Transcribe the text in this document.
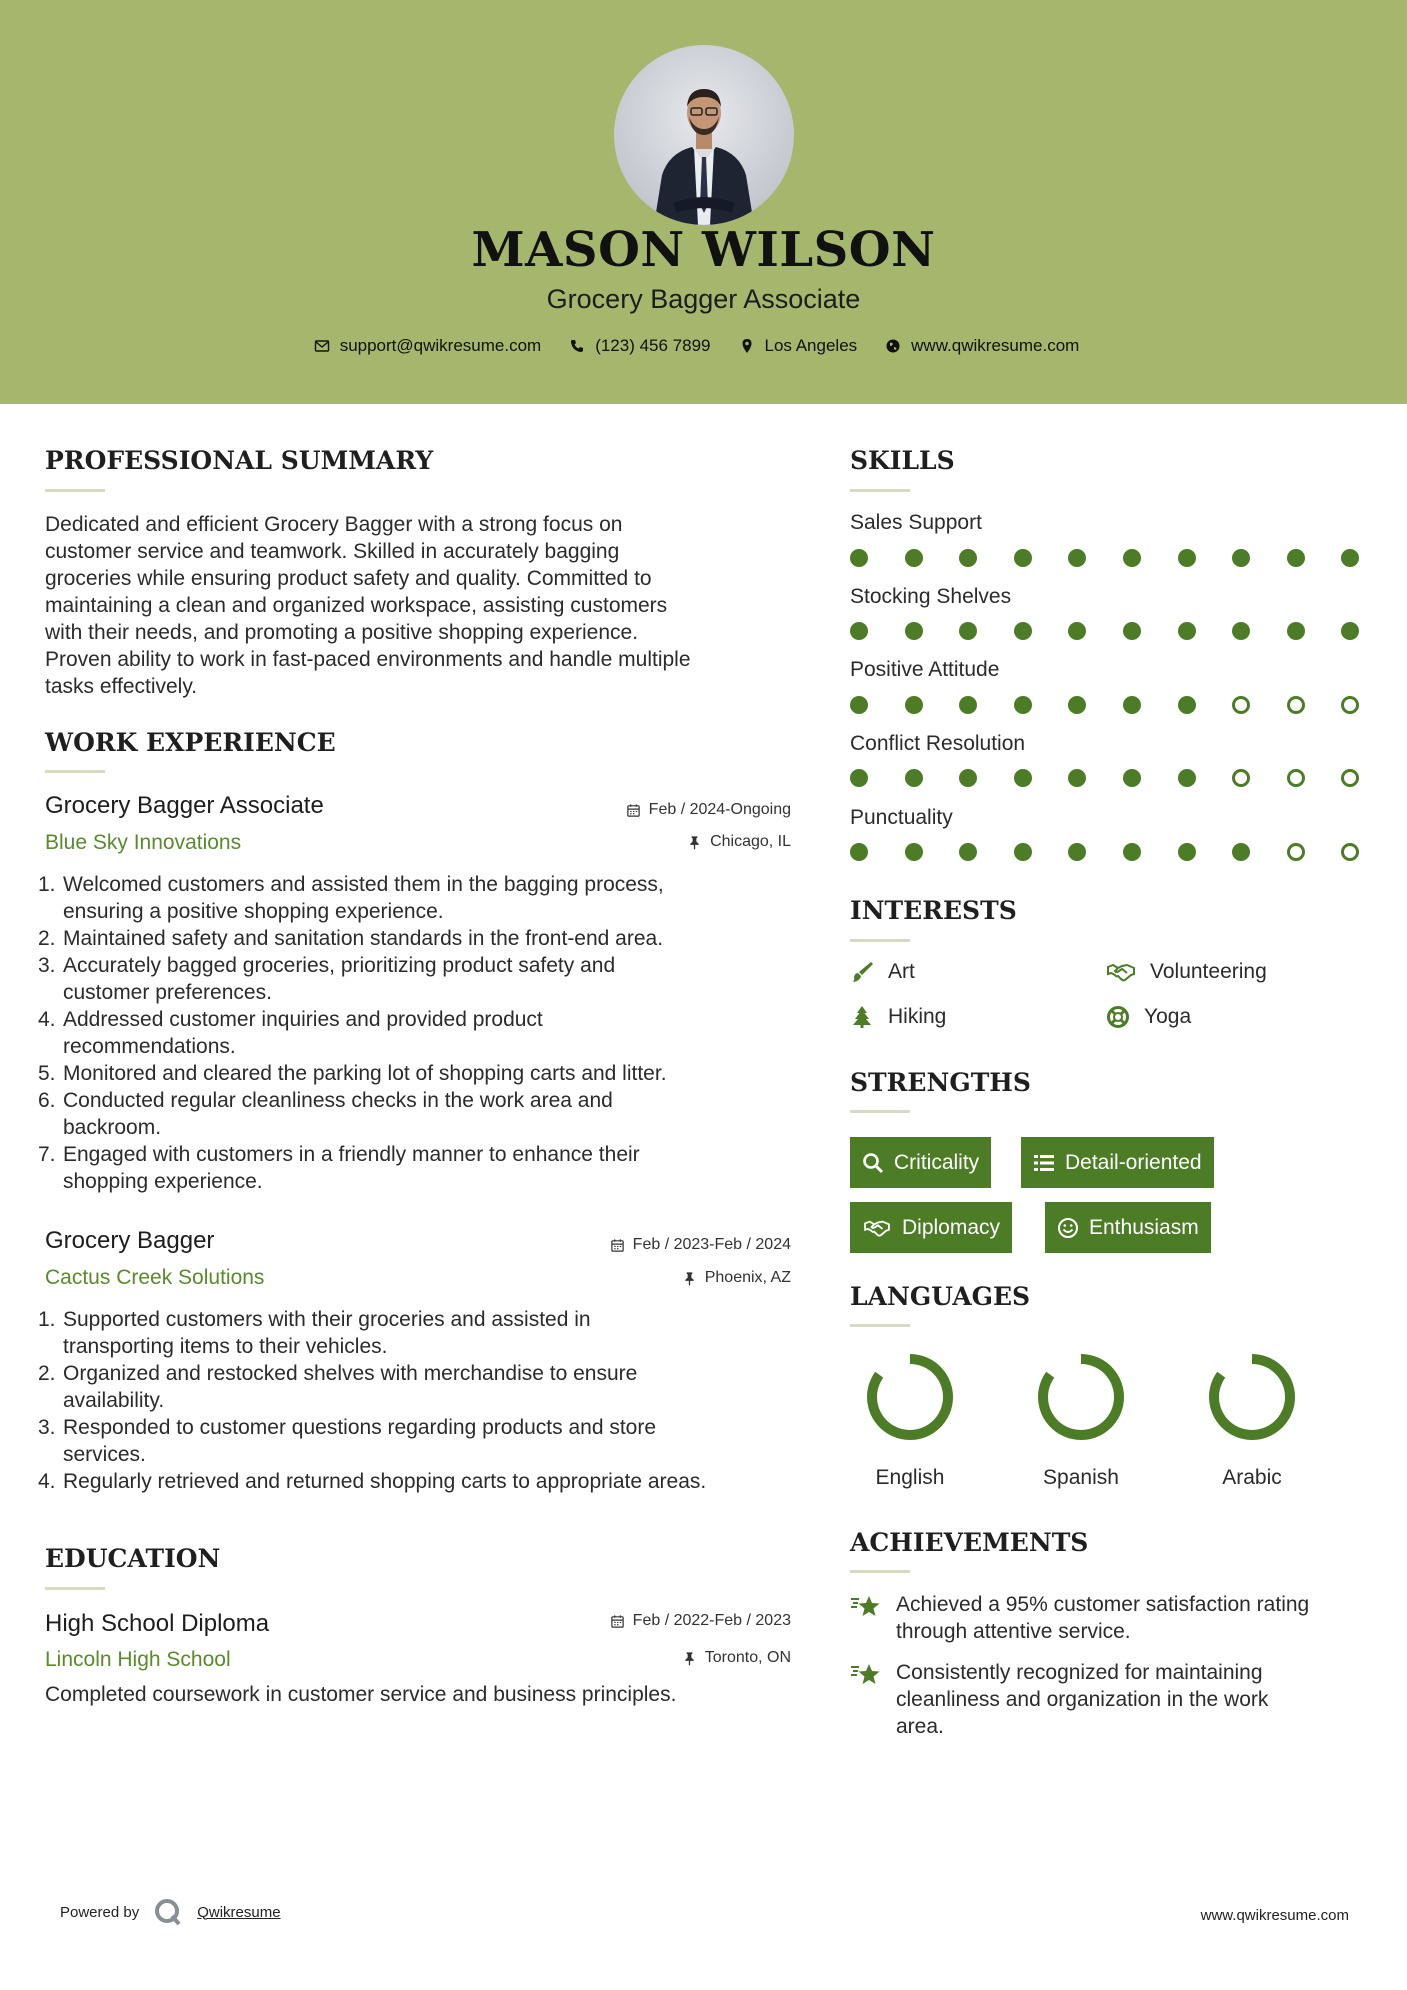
MASON WILSON
Grocery Bagger Associate
support@qwikresume.com	(123) 456 7899	Los Angeles	www.qwikresume.com
PROFESSIONAL SUMMARY
Dedicated and efficient Grocery Bagger with a strong focus on
customer service and teamwork. Skilled in accurately bagging
groceries while ensuring product safety and quality. Committed to
maintaining a clean and organized workspace, assisting customers
with their needs, and promoting a positive shopping experience.
Proven ability to work in fast-paced environments and handle multiple
tasks effectively.
WORK EXPERIENCE
Grocery Bagger Associate	Feb / 2024-Ongoing
Blue Sky Innovations	Chicago, IL
1. Welcomed customers and assisted them in the bagging process,
ensuring a positive shopping experience.
2. Maintained safety and sanitation standards in the front-end area.
3. Accurately bagged groceries, prioritizing product safety and
customer preferences.
4. Addressed customer inquiries and provided product
recommendations.
5. Monitored and cleared the parking lot of shopping carts and litter.
6. Conducted regular cleanliness checks in the work area and
backroom.
7. Engaged with customers in a friendly manner to enhance their
shopping experience.
Grocery Bagger	Feb / 2023-Feb / 2024
Cactus Creek Solutions	Phoenix, AZ
1. Supported customers with their groceries and assisted in
transporting items to their vehicles.
2. Organized and restocked shelves with merchandise to ensure
availability.
3. Responded to customer questions regarding products and store
services.
4. Regularly retrieved and returned shopping carts to appropriate areas.
EDUCATION
High School Diploma	Feb / 2022-Feb / 2023
Lincoln High School	Toronto, ON
Completed coursework in customer service and business principles.
SKILLS
Sales Support
Stocking Shelves
Positive Attitude
Conflict Resolution
Punctuality
INTERESTS
Art	Volunteering
Hiking	Yoga
STRENGTHS
Criticality	Detail-oriented
Diplomacy	Enthusiasm
LANGUAGES
English	Spanish	Arabic
ACHIEVEMENTS
Achieved a 95% customer satisfaction rating
through attentive service.
Consistently recognized for maintaining
cleanliness and organization in the work
area.
Powered by	Qwikresume	www.qwikresume.com
